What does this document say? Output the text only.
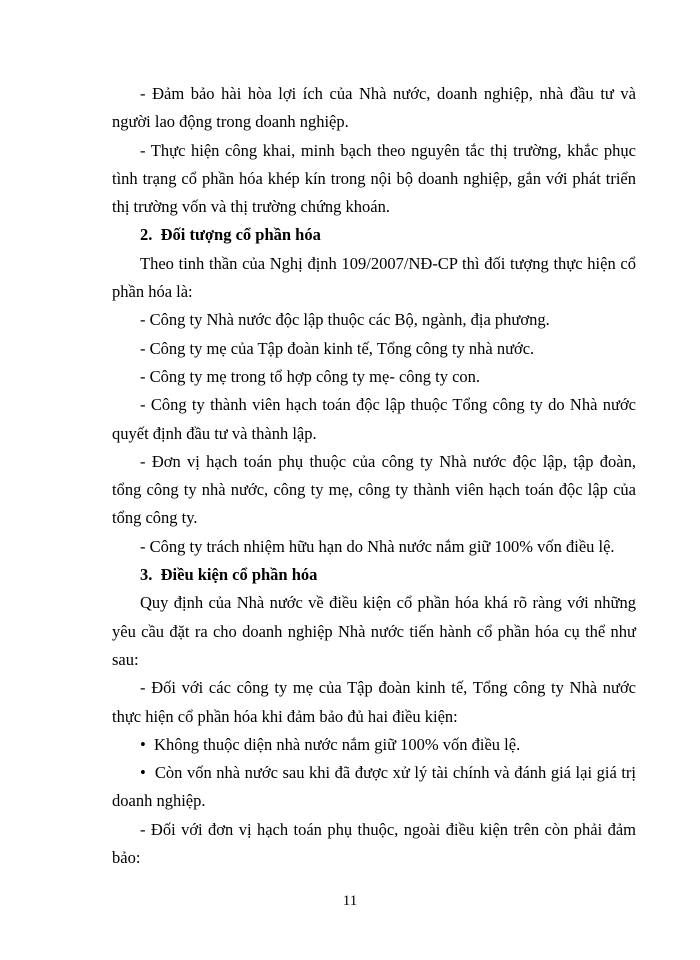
- Đảm bảo hài hòa lợi ích của Nhà nước, doanh nghiệp, nhà đầu tư và người lao động trong doanh nghiệp.

- Thực hiện công khai, minh bạch theo nguyên tắc thị trường, khắc phục tình trạng cổ phần hóa khép kín trong nội bộ doanh nghiệp, gắn với phát triển thị trường vốn và thị trường chứng khoán.

2.  Đối tượng cổ phần hóa

Theo tinh thần của Nghị định 109/2007/NĐ-CP thì đối tượng thực hiện cổ phần hóa là:

- Công ty Nhà nước độc lập thuộc các Bộ, ngành, địa phương.

- Công ty mẹ của Tập đoàn kinh tế, Tổng công ty nhà nước.

- Công ty mẹ trong tổ hợp công ty mẹ- công ty con.

- Công ty thành viên hạch toán độc lập thuộc Tổng công ty do Nhà nước quyết định đầu tư và thành lập.

- Đơn vị hạch toán phụ thuộc của công ty Nhà nước độc lập, tập đoàn, tổng công ty nhà nước, công ty mẹ, công ty thành viên hạch toán độc lập của tổng công ty.

- Công ty trách nhiệm hữu hạn do Nhà nước nắm giữ 100% vốn điều lệ.

3.  Điều kiện cổ phần hóa

Quy định của Nhà nước về điều kiện cổ phần hóa khá rõ ràng với những yêu cầu đặt ra cho doanh nghiệp Nhà nước tiến hành cổ phần hóa cụ thể như sau:

- Đối với các công ty mẹ của Tập đoàn kinh tế, Tổng công ty Nhà nước thực hiện cổ phần hóa khi đảm bảo đủ hai điều kiện:

•  Không thuộc diện nhà nước nắm giữ 100% vốn điều lệ.

•  Còn vốn nhà nước sau khi đã được xử lý tài chính và đánh giá lại giá trị doanh nghiệp.

- Đối với đơn vị hạch toán phụ thuộc, ngoài điều kiện trên còn phải đảm bảo:

11
